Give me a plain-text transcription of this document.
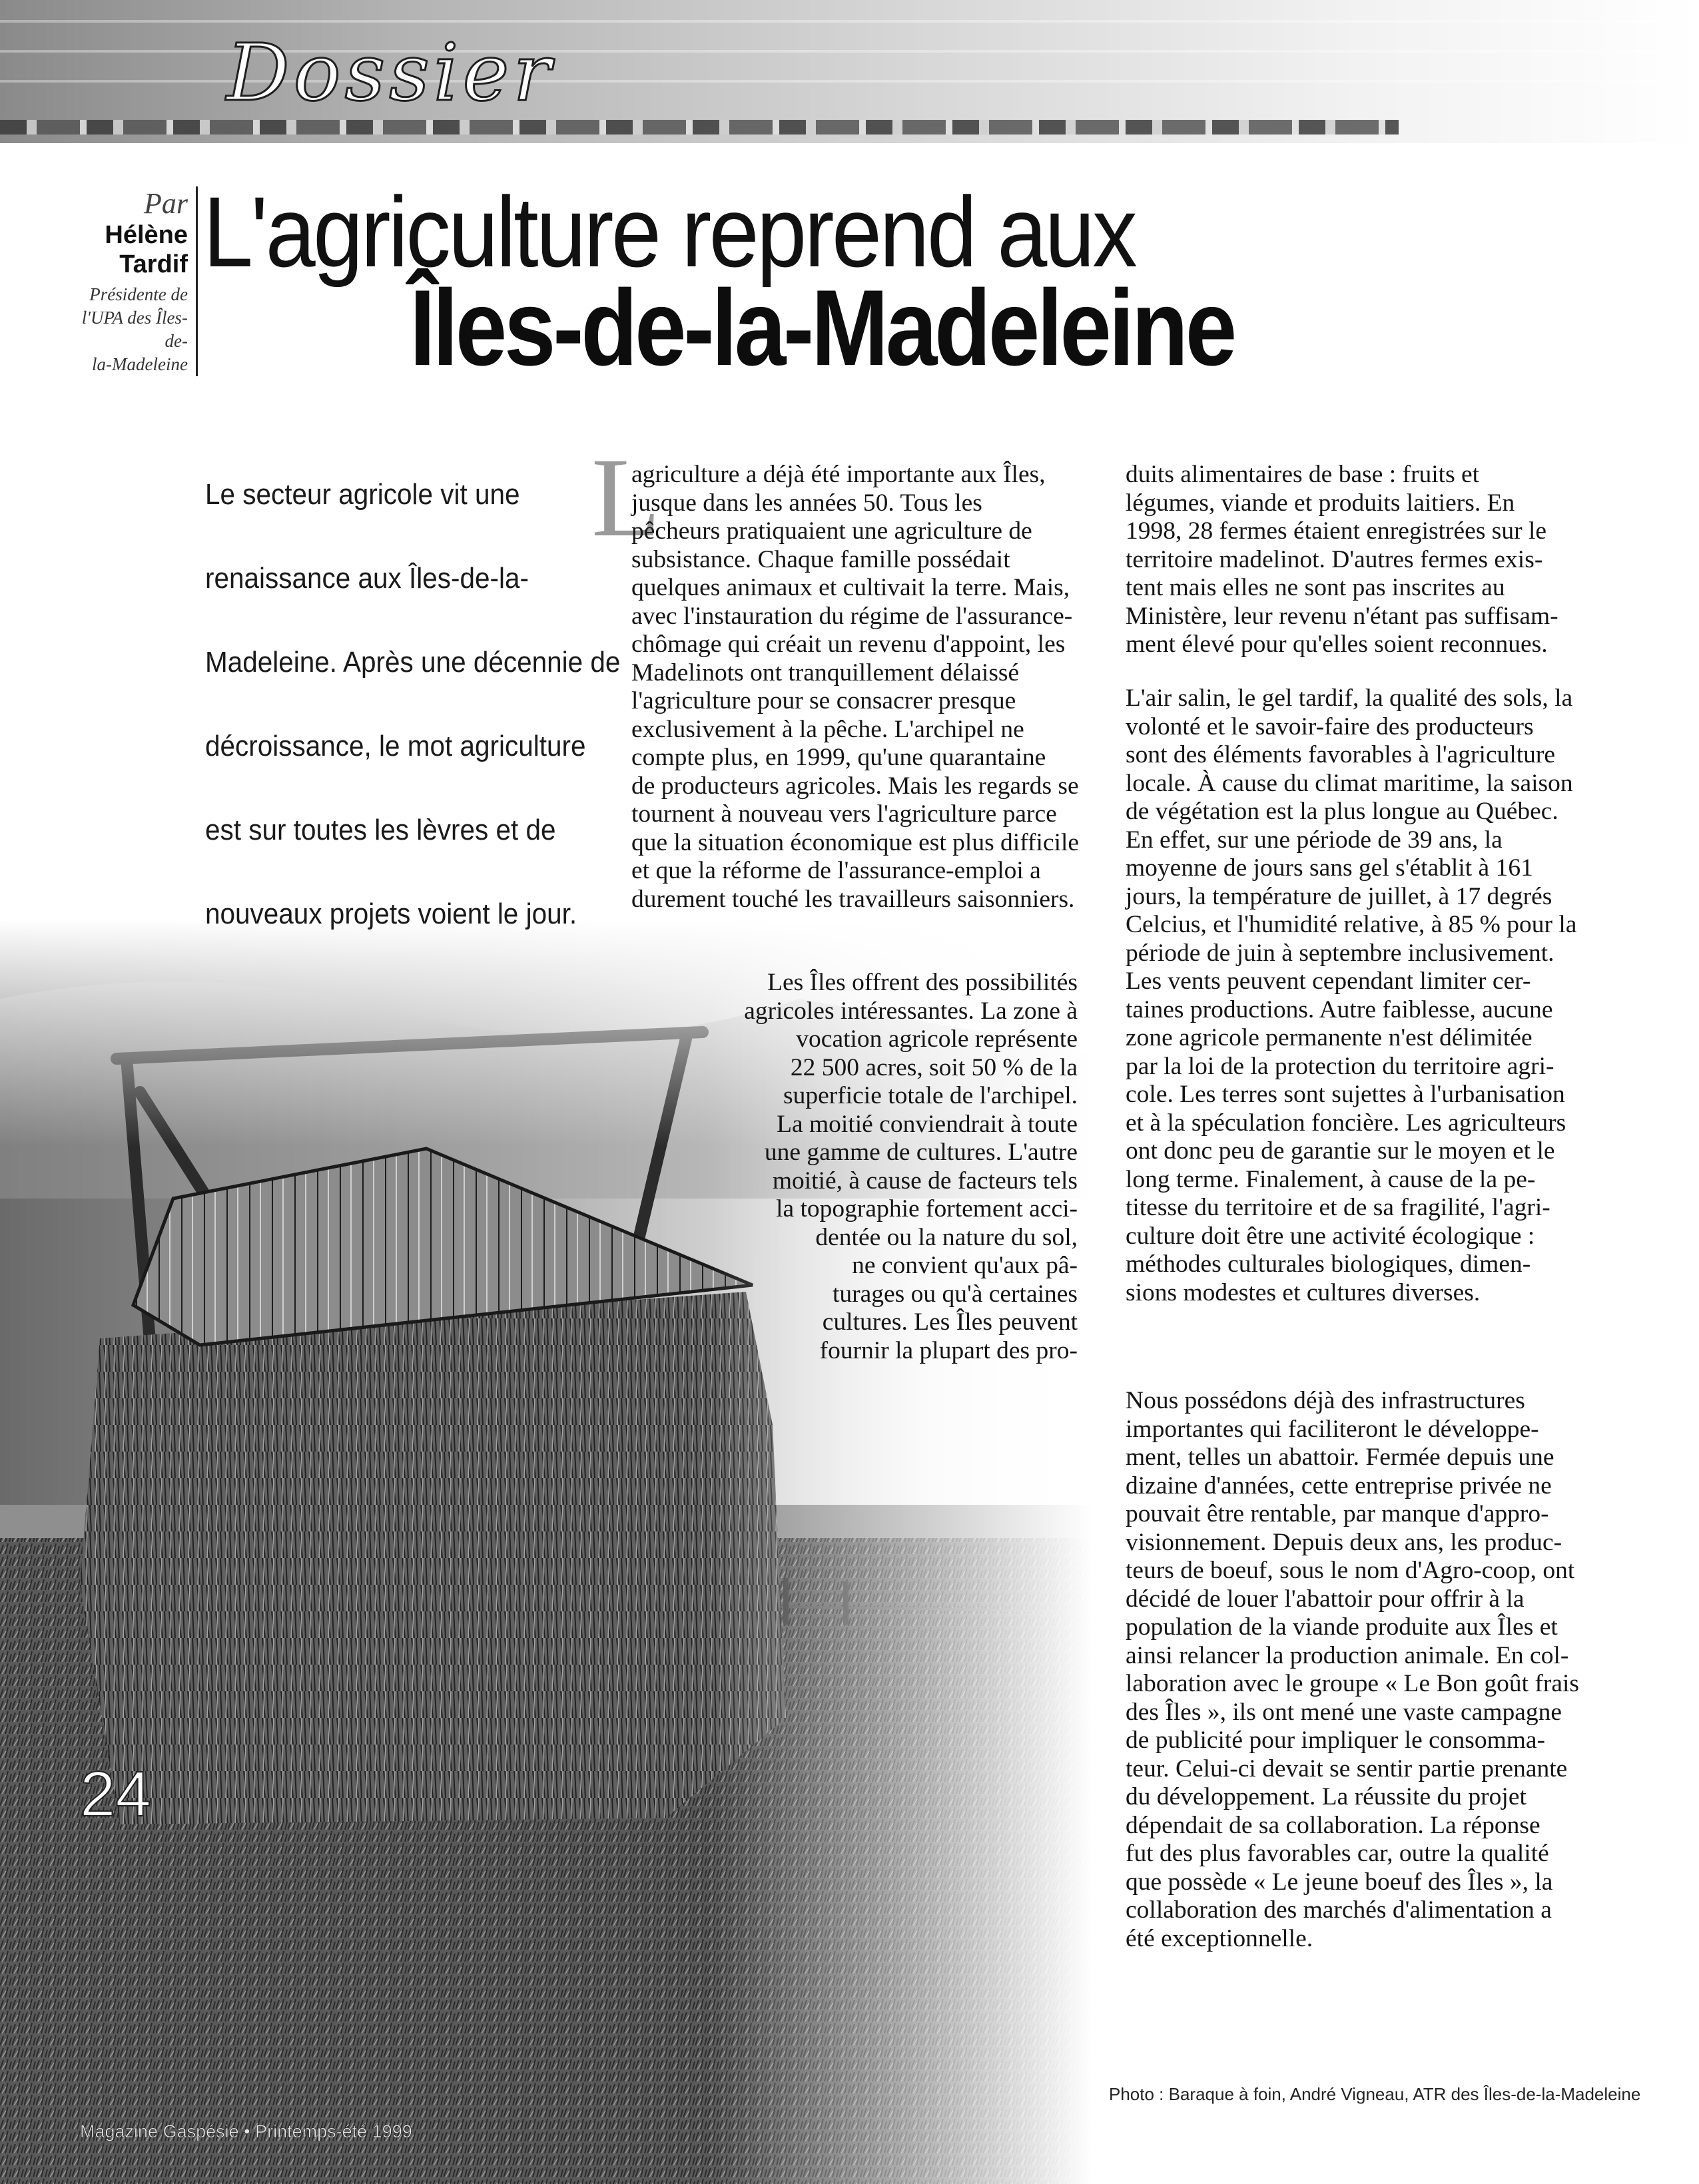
Dossier
Par
Hélène
Tardif
Présidente de
l'UPA des Îles-de-
la-Madeleine
L'agriculture reprend aux
Îles-de-la-Madeleine
Le secteur agricole vit une
renaissance aux Îles-de-la-
Madeleine. Après une décennie de
décroissance, le mot agriculture
est sur toutes les lèvres et de
nouveaux projets voient le jour.
L
agriculture a déjà été importante aux Îles,
jusque dans les années 50. Tous les
pêcheurs pratiquaient une agriculture de
subsistance. Chaque famille possédait
quelques animaux et cultivait la terre. Mais,
avec l'instauration du régime de l'assurance-
chômage qui créait un revenu d'appoint, les
Madelinots ont tranquillement délaissé
l'agriculture pour se consacrer presque
exclusivement à la pêche. L'archipel ne
compte plus, en 1999, qu'une quarantaine
de producteurs agricoles. Mais les regards se
tournent à nouveau vers l'agriculture parce
que la situation économique est plus difficile
et que la réforme de l'assurance-emploi a
durement touché les travailleurs saisonniers.
Les Îles offrent des possibilités
agricoles intéressantes. La zone à
vocation agricole représente
22 500 acres, soit 50 % de la
superficie totale de l'archipel.
La moitié conviendrait à toute
une gamme de cultures. L'autre
moitié, à cause de facteurs tels
la topographie fortement acci-
dentée ou la nature du sol,
ne convient qu'aux pâ-
turages ou qu'à certaines
cultures. Les Îles peuvent
fournir la plupart des pro-
duits alimentaires de base : fruits et
légumes, viande et produits laitiers. En
1998, 28 fermes étaient enregistrées sur le
territoire madelinot. D'autres fermes exis-
tent mais elles ne sont pas inscrites au
Ministère, leur revenu n'étant pas suffisam-
ment élevé pour qu'elles soient reconnues.
L'air salin, le gel tardif, la qualité des sols, la
volonté et le savoir-faire des producteurs
sont des éléments favorables à l'agriculture
locale. À cause du climat maritime, la saison
de végétation est la plus longue au Québec.
En effet, sur une période de 39 ans, la
moyenne de jours sans gel s'établit à 161
jours, la température de juillet, à 17 degrés
Celcius, et l'humidité relative, à 85 % pour la
période de juin à septembre inclusivement.
Les vents peuvent cependant limiter cer-
taines productions. Autre faiblesse, aucune
zone agricole permanente n'est délimitée
par la loi de la protection du territoire agri-
cole. Les terres sont sujettes à l'urbanisation
et à la spéculation foncière. Les agriculteurs
ont donc peu de garantie sur le moyen et le
long terme. Finalement, à cause de la pe-
titesse du territoire et de sa fragilité, l'agri-
culture doit être une activité écologique :
méthodes culturales biologiques, dimen-
sions modestes et cultures diverses.
Nous possédons déjà des infrastructures
importantes qui faciliteront le développe-
ment, telles un abattoir. Fermée depuis une
dizaine d'années, cette entreprise privée ne
pouvait être rentable, par manque d'appro-
visionnement. Depuis deux ans, les produc-
teurs de boeuf, sous le nom d'Agro-coop, ont
décidé de louer l'abattoir pour offrir à la
population de la viande produite aux Îles et
ainsi relancer la production animale. En col-
laboration avec le groupe « Le Bon goût frais
des Îles », ils ont mené une vaste campagne
de publicité pour impliquer le consomma-
teur. Celui-ci devait se sentir partie prenante
du développement. La réussite du projet
dépendait de sa collaboration. La réponse
fut des plus favorables car, outre la qualité
que possède « Le jeune boeuf des Îles », la
collaboration des marchés d'alimentation a
été exceptionnelle.
24
Magazine Gaspésie • Printemps-été 1999
Photo : Baraque à foin, André Vigneau, ATR des Îles-de-la-Madeleine
